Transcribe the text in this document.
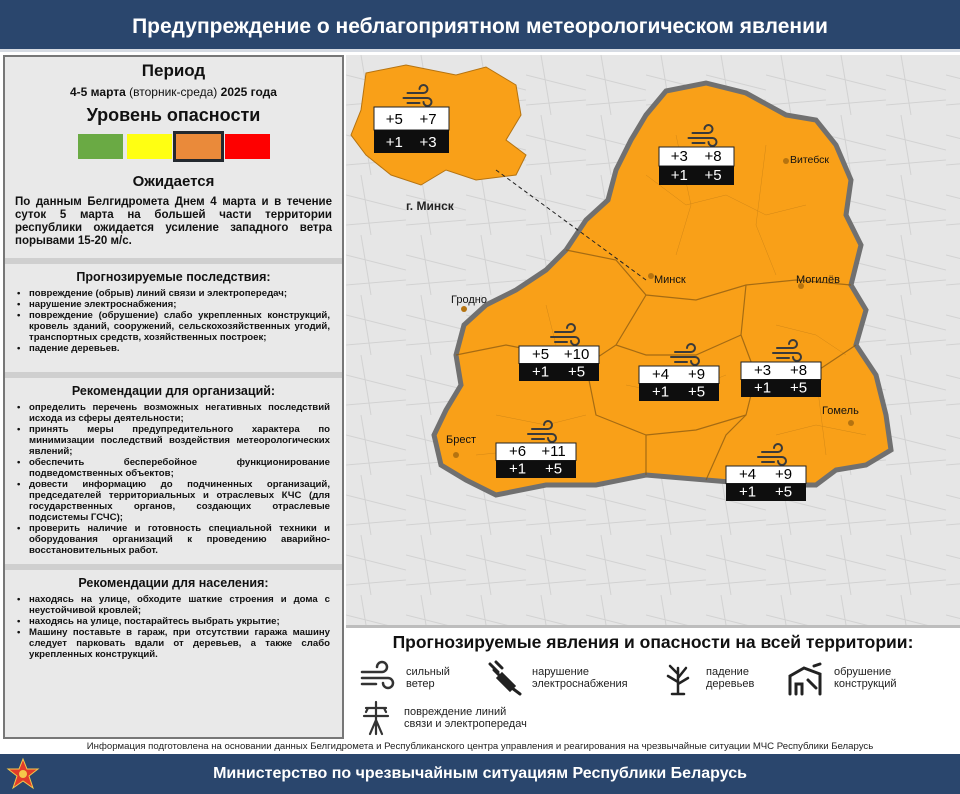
Предупреждение о неблагоприятном метеорологическом явлении
Период
4-5 марта (вторник-среда) 2025 года
Уровень опасности
Ожидается
По данным Белгидромета Днем 4 марта и в течение суток 5 марта на большей части территории республики ожидается усиление западного ветра порывами 15-20 м/с.
Прогнозируемые последствия:
• повреждение (обрыв) линий связи и электропередач;
• нарушение электроснабжения;
• повреждение (обрушение) слабо укрепленных конструкций, кровель зданий, сооружений, сельскохозяйственных угодий, транспортных средств, хозяйственных построек;
• падение деревьев.
Рекомендации для организаций:
• определить перечень возможных негативных последствий исхода из сферы деятельности;
• принять меры предупредительного характера по минимизации последствий воздействия метеорологических явлений;
• обеспечить бесперебойное функционирование подведомственных объектов;
• довести информацию до подчиненных организаций, председателей территориальных и отраслевых КЧС (для государственных органов, создающих отраслевые подсистемы ГСЧС);
• проверить наличие и готовность специальной техники и оборудования организаций к проведению аварийно-восстановительных работ.
Рекомендации для населения:
• находясь на улице, обходите шаткие строения и дома с неустойчивой кровлей;
• находясь на улице, постарайтесь выбрать укрытие;
• Машину поставьте в гараж, при отсутствии гаража машину следует парковать вдали от деревьев, а также слабо укрепленных конструкций.
г. Минск
Витебск
Минск	Могилёв
Гродно
Брест
Гомель
+5 +7
+1 +3
+3 +8
+1 +5
+5 +10
+1 +5	+4 +9
+1 +5
+3 +8
+1 +5
+6 +11
+1 +5	+4 +9
+1 +5
Прогнозируемые явления и опасности на всей территории:
сильный
ветер
нарушение
электроснабжения
падение
деревьев
обрушение
конструкций
повреждение линий
связи и электропередач
Информация подготовлена на основании данных Белгидромета и Республиканского центра управления и реагирования на чрезвычайные ситуации МЧС Республики Беларусь
Министерство по чрезвычайным ситуациям Республики Беларусь
